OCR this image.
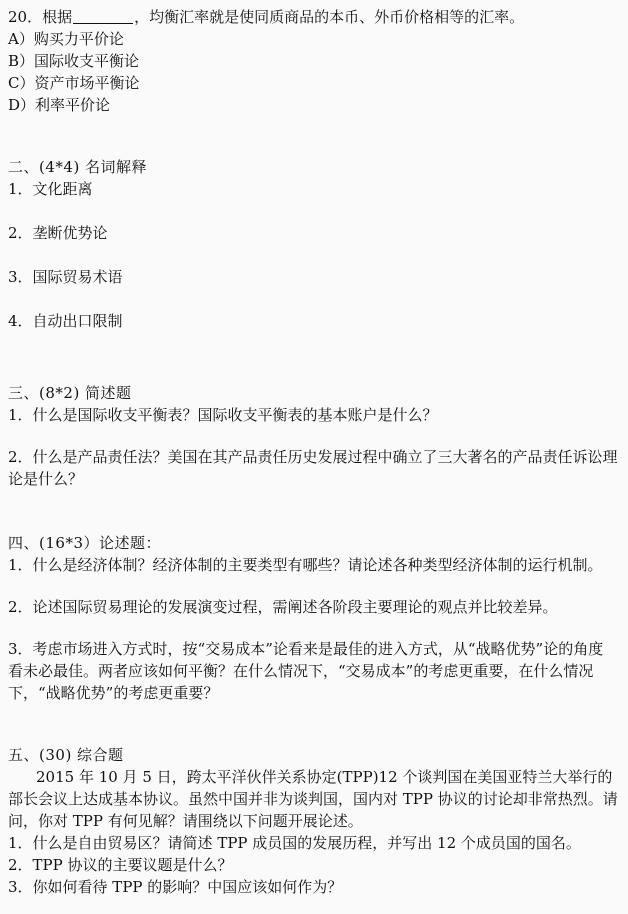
20．根据	，均衡汇率就是使同质商品的本币、外币价格相等的汇率。
A）购买力平价论
B）国际收支平衡论
C）资产市场平衡论
D）利率平价论
二、(4*4) 名词解释
1．文化距离
2．垄断优势论
3．国际贸易术语
4．自动出口限制
三、(8*2) 简述题
1．什么是国际收支平衡表？国际收支平衡表的基本账户是什么？
2．什么是产品责任法？美国在其产品责任历史发展过程中确立了三大著名的产品责任诉讼理论是什么？
四、(16*3）论述题：
1．什么是经济体制？经济体制的主要类型有哪些？请论述各种类型经济体制的运行机制。
2．论述国际贸易理论的发展演变过程，需阐述各阶段主要理论的观点并比较差异。
3．考虑市场进入方式时，按“交易成本”论看来是最佳的进入方式，从“战略优势”论的角度看未必最佳。两者应该如何平衡？在什么情况下，“交易成本”的考虑更重要，在什么情况下，“战略优势”的考虑更重要？
五、(30) 综合题
2015 年 10 月 5 日，跨太平洋伙伴关系协定(TPP)12 个谈判国在美国亚特兰大举行的部长会议上达成基本协议。虽然中国并非为谈判国，国内对 TPP 协议的讨论却非常热烈。请问，你对 TPP 有何见解？请围绕以下问题开展论述。
1．什么是自由贸易区？请简述 TPP 成员国的发展历程，并写出 12 个成员国的国名。
2．TPP 协议的主要议题是什么？
3．你如何看待 TPP 的影响？中国应该如何作为？
